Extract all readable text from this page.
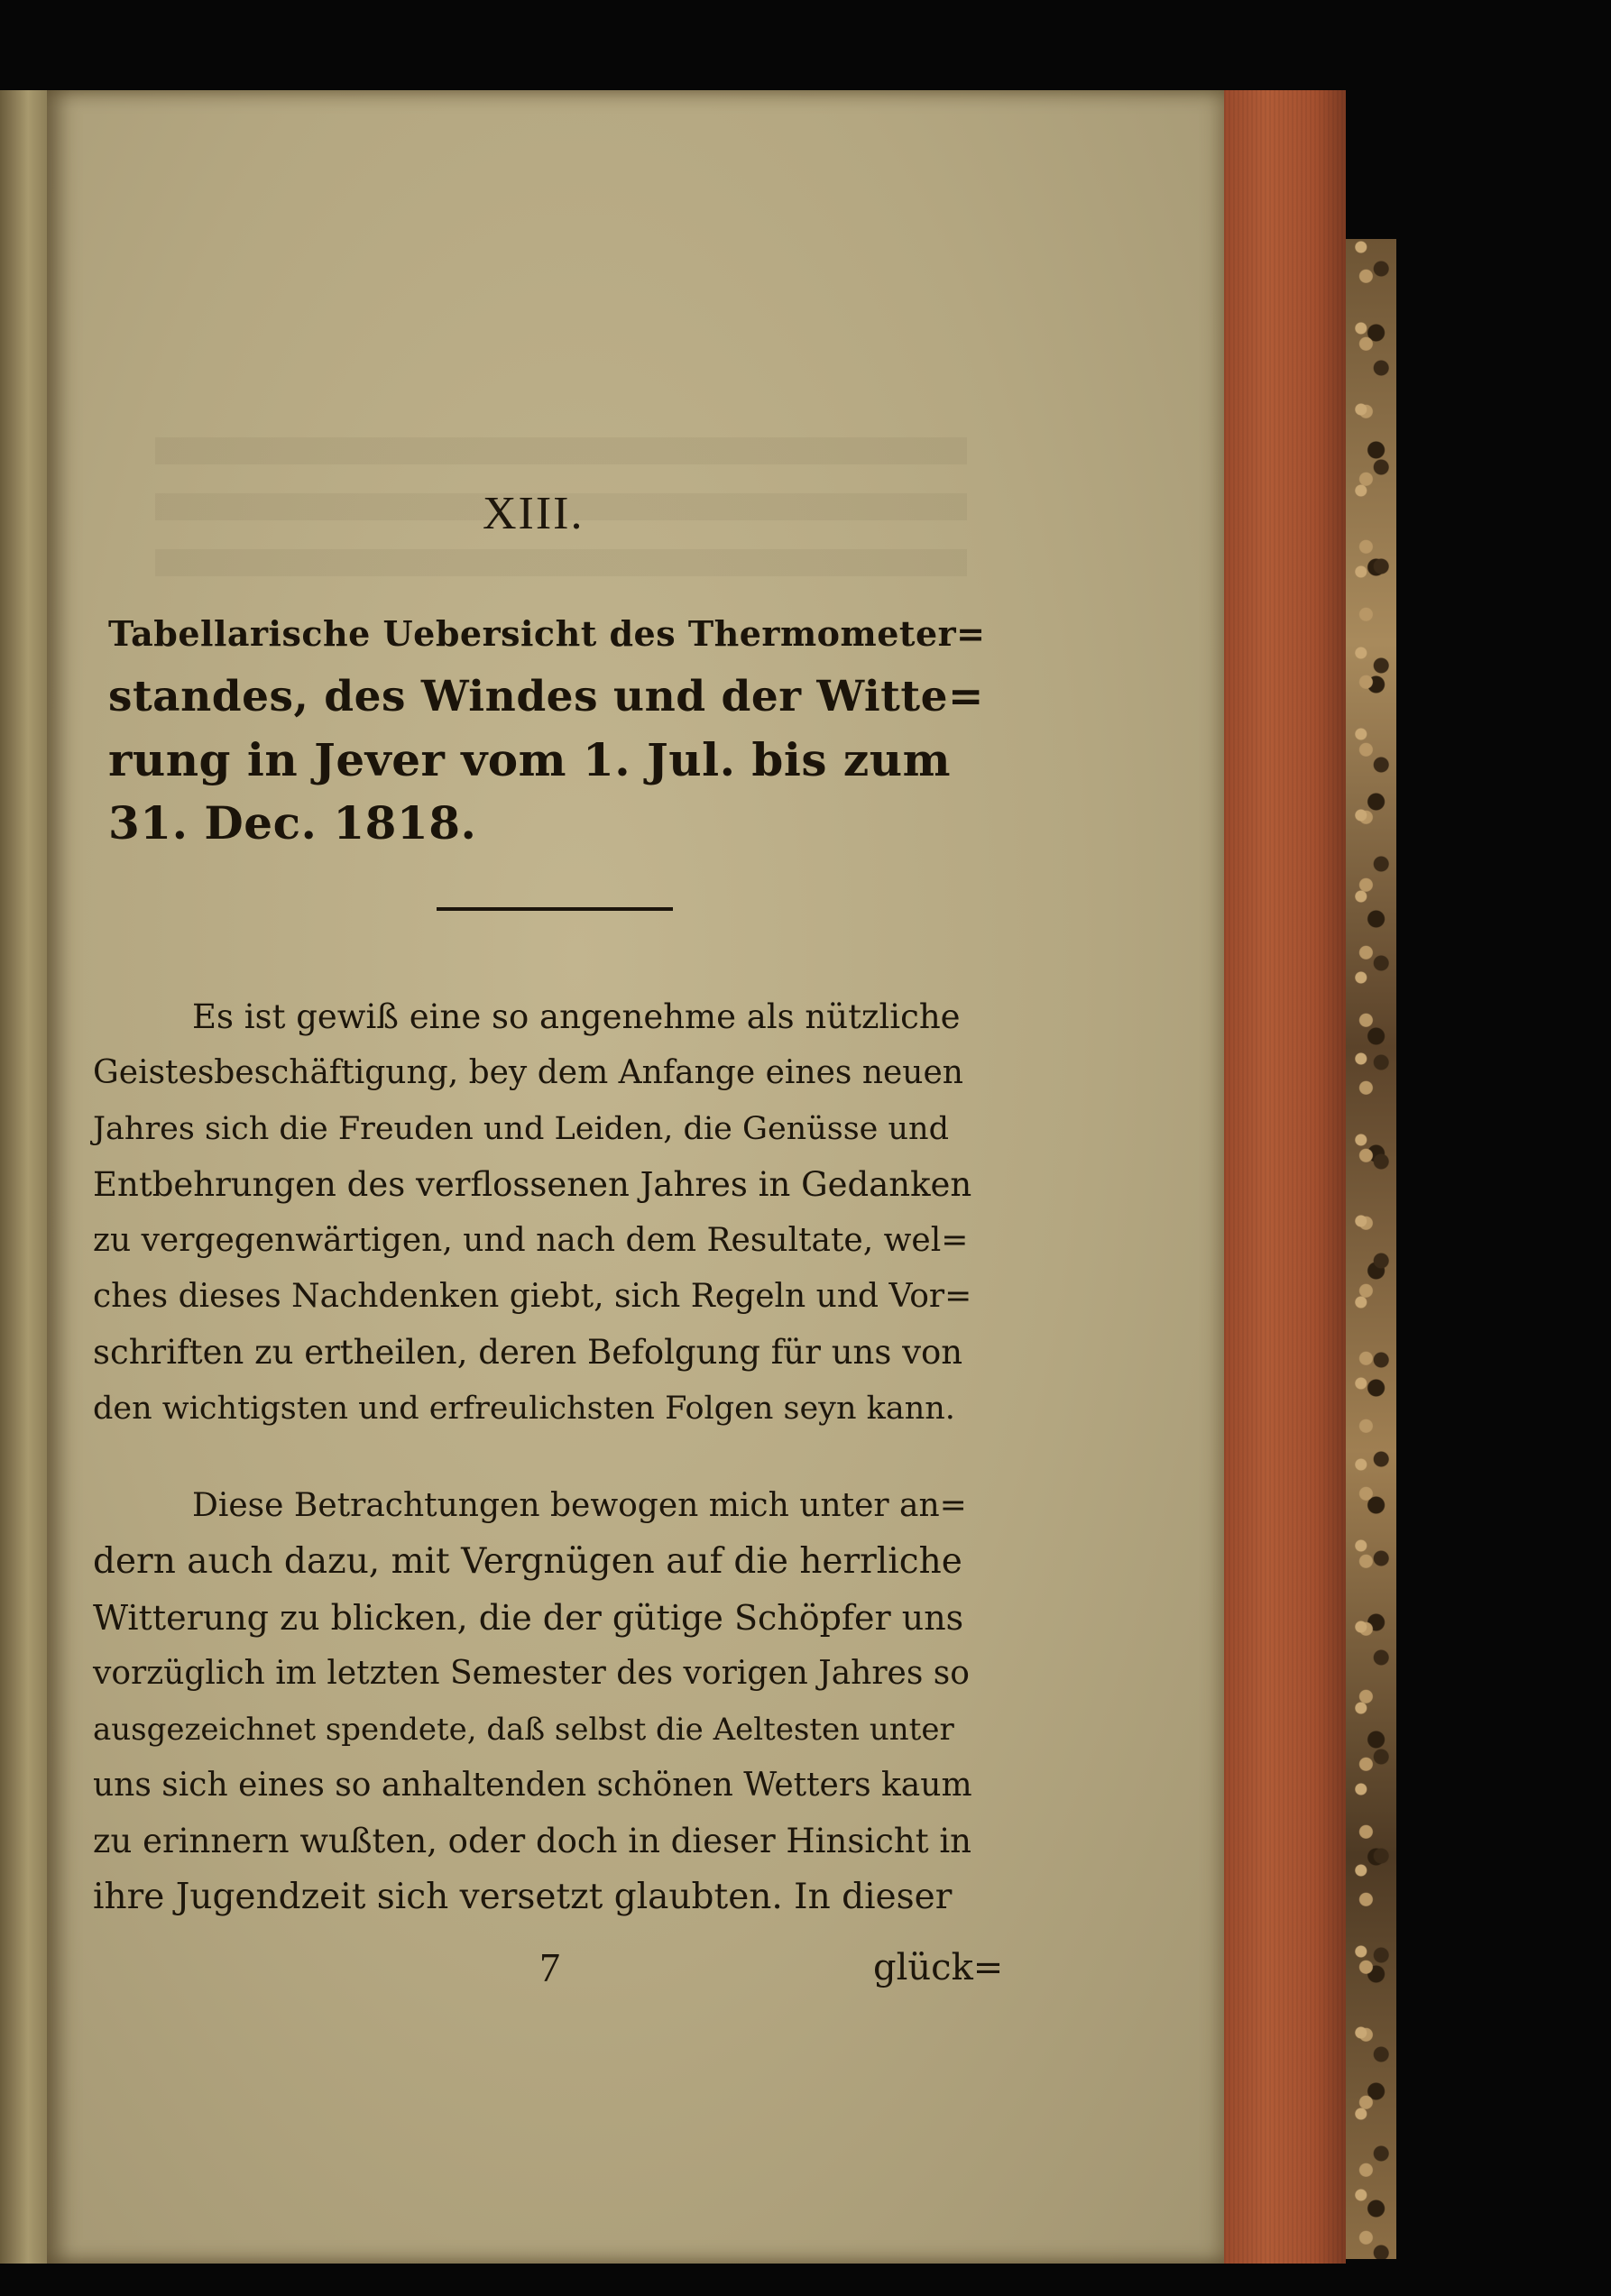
XIII.
Tabellarische Uebersicht des Thermometer=
standes, des Windes und der Witte=
rung in Jever vom 1. Jul. bis zum
31. Dec. 1818.
Es ist gewiß eine so angenehme als nützliche
Geistesbeschäftigung, bey dem Anfange eines neuen
Jahres sich die Freuden und Leiden, die Genüsse und
Entbehrungen des verflossenen Jahres in Gedanken
zu vergegenwärtigen, und nach dem Resultate, wel=
ches dieses Nachdenken giebt, sich Regeln und Vor=
schriften zu ertheilen, deren Befolgung für uns von
den wichtigsten und erfreulichsten Folgen seyn kann.
Diese Betrachtungen bewogen mich unter an=
dern auch dazu, mit Vergnügen auf die herrliche
Witterung zu blicken, die der gütige Schöpfer uns
vorzüglich im letzten Semester des vorigen Jahres so
ausgezeichnet spendete, daß selbst die Aeltesten unter
uns sich eines so anhaltenden schönen Wetters kaum
zu erinnern wußten, oder doch in dieser Hinsicht in
ihre Jugendzeit sich versetzt glaubten. In dieser
7	glück=
